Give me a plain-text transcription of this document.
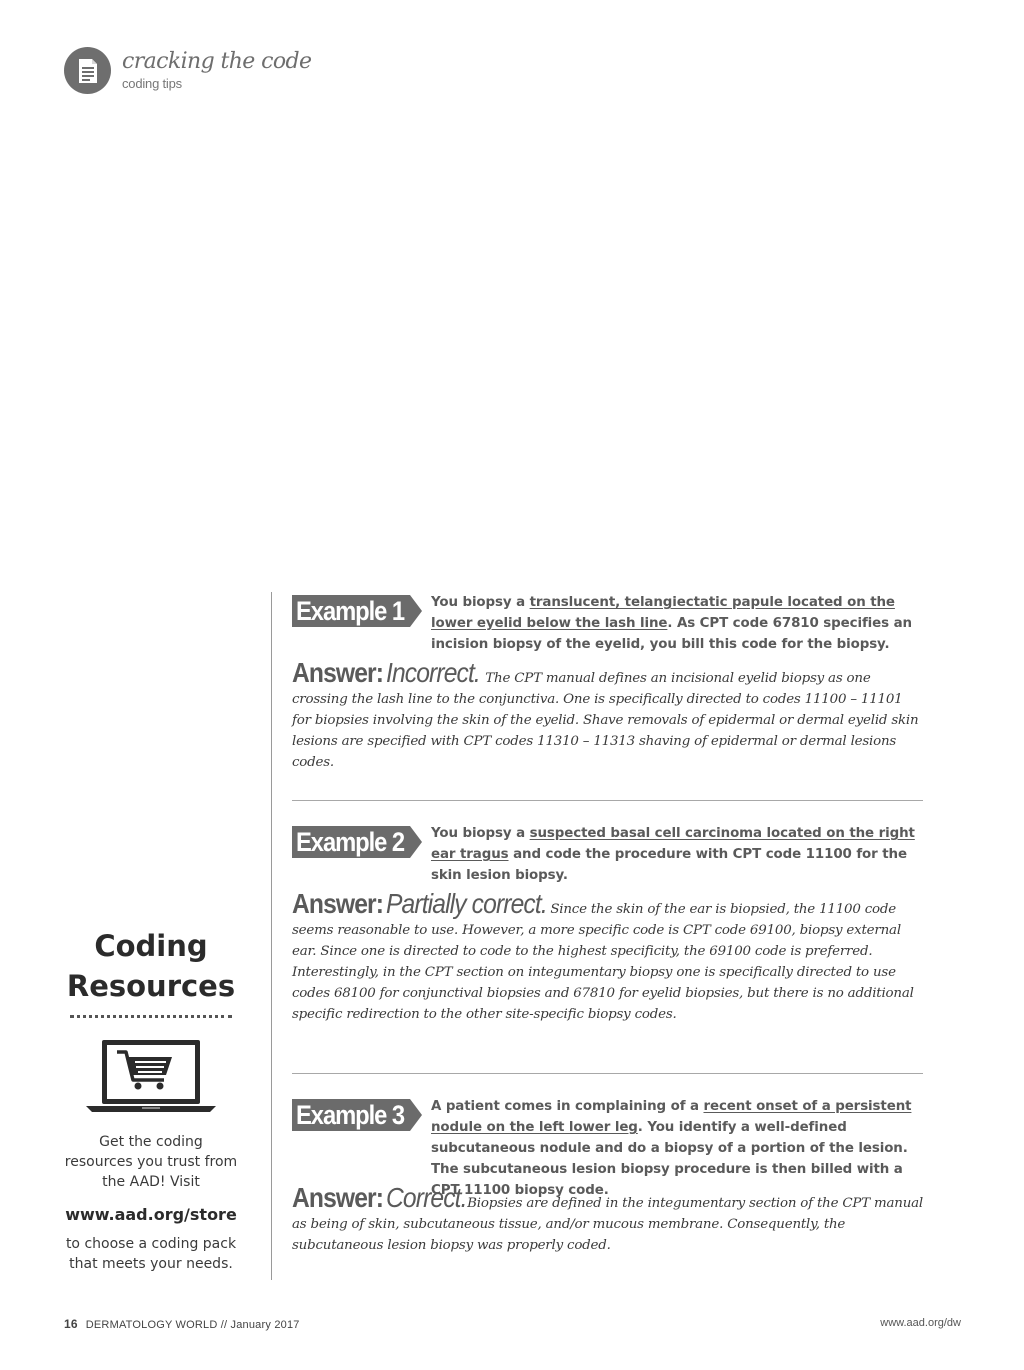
cracking the code
coding tips
Coding
Resources
Get the coding
resources you trust from
the AAD! Visit
www.aad.org/store
to choose a coding pack
that meets your needs.
Example 1 You biopsy a translucent, telangiectatic papule located on the lower eyelid below the lash line. As CPT code 67810 specifies an incision biopsy of the eyelid, you bill this code for the biopsy.
Answer: Incorrect. The CPT manual defines an incisional eyelid biopsy as one crossing the lash line to the conjunctiva. One is specifically directed to codes 11100 – 11101 for biopsies involving the skin of the eyelid. Shave removals of epidermal or dermal eyelid skin lesions are specified with CPT codes 11310 – 11313 shaving of epidermal or dermal lesions codes.
Example 2 You biopsy a suspected basal cell carcinoma located on the right ear tragus and code the procedure with CPT code 11100 for the skin lesion biopsy.
Answer: Partially correct. Since the skin of the ear is biopsied, the 11100 code seems reasonable to use. However, a more specific code is CPT code 69100, biopsy external ear. Since one is directed to code to the highest specificity, the 69100 code is preferred. Interestingly, in the CPT section on integumentary biopsy one is specifically directed to use codes 68100 for conjunctival biopsies and 67810 for eyelid biopsies, but there is no additional specific redirection to the other site-specific biopsy codes.
Example 3 A patient comes in complaining of a recent onset of a persistent nodule on the left lower leg. You identify a well-defined subcutaneous nodule and do a biopsy of a portion of the lesion. The subcutaneous lesion biopsy procedure is then billed with a CPT 11100 biopsy code.
Answer: Correct. Biopsies are defined in the integumentary section of the CPT manual as being of skin, subcutaneous tissue, and/or mucous membrane. Consequently, the subcutaneous lesion biopsy was properly coded.
16 DERMATOLOGY WORLD // January 2017	www.aad.org/dw
